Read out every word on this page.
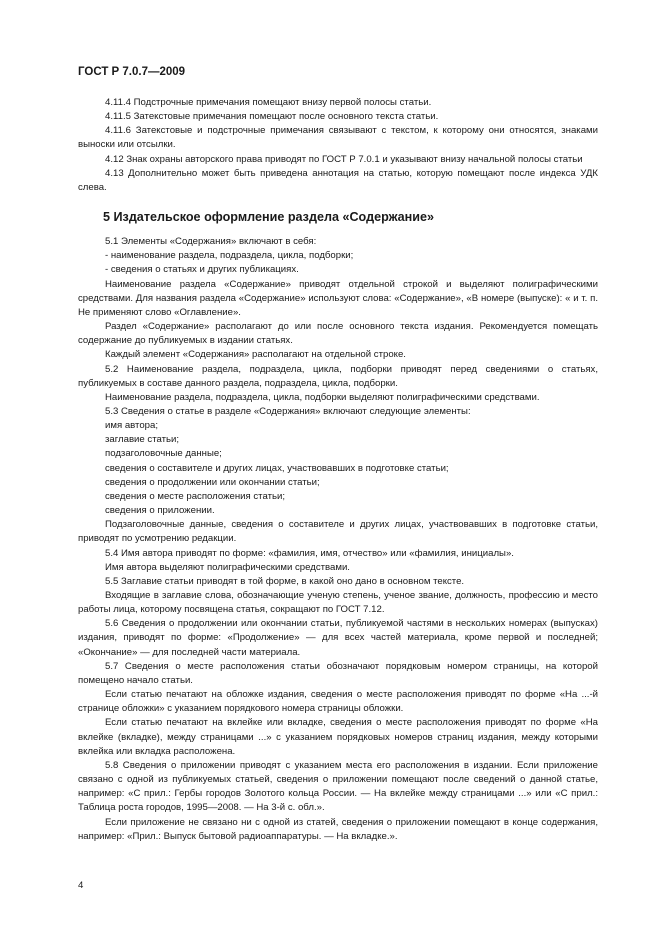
ГОСТ Р 7.0.7—2009

4.11.4 Подстрочные примечания помещают внизу первой полосы статьи.

4.11.5 Затекстовые примечания помещают после основного текста статьи.

4.11.6 Затекстовые и подстрочные примечания связывают с текстом, к которому они относятся, знаками выноски или отсылки.

4.12 Знак охраны авторского права приводят по ГОСТ Р 7.0.1 и указывают внизу начальной полосы статьи

4.13 Дополнительно может быть приведена аннотация на статью, которую помещают после индекса УДК слева.

5 Издательское оформление раздела «Содержание»

5.1 Элементы «Содержания» включают в себя:

- наименование раздела, подраздела, цикла, подборки;

- сведения о статьях и других публикациях.

Наименование раздела «Содержание» приводят отдельной строкой и выделяют полиграфическими средствами. Для названия раздела «Содержание» используют слова: «Содержание», «В номере (выпуске): « и т. п. Не применяют слово «Оглавление».

Раздел «Содержание» располагают до или после основного текста издания. Рекомендуется помещать содержание до публикуемых в издании статьях.

Каждый элемент «Содержания» располагают на отдельной строке.

5.2 Наименование раздела, подраздела, цикла, подборки приводят перед сведениями о статьях, публикуемых в составе данного раздела, подраздела, цикла, подборки.

Наименование раздела, подраздела, цикла, подборки выделяют полиграфическими средствами.

5.3 Сведения о статье в разделе «Содержания» включают следующие элементы:

имя автора;

заглавие статьи;

подзаголовочные данные;

сведения о составителе и других лицах, участвовавших в подготовке статьи;

сведения о продолжении или окончании статьи;

сведения о месте расположения статьи;

сведения о приложении.

Подзаголовочные данные, сведения о составителе и других лицах, участвовавших в подготовке статьи, приводят по усмотрению редакции.

5.4 Имя автора приводят по форме: «фамилия, имя, отчество» или «фамилия, инициалы».

Имя автора выделяют полиграфическими средствами.

5.5 Заглавие статьи приводят в той форме, в какой оно дано в основном тексте.

Входящие в заглавие слова, обозначающие ученую степень, ученое звание, должность, профессию и место работы лица, которому посвящена статья, сокращают по ГОСТ 7.12.

5.6 Сведения о продолжении или окончании статьи, публикуемой частями в нескольких номерах (выпусках) издания, приводят по форме: «Продолжение» — для всех частей материала, кроме первой и последней; «Окончание» — для последней части материала.

5.7 Сведения о месте расположения статьи обозначают порядковым номером страницы, на которой помещено начало статьи.

Если статью печатают на обложке издания, сведения о месте расположения приводят по форме «На ...-й странице обложки» с указанием порядкового номера страницы обложки.

Если статью печатают на вклейке или вкладке, сведения о месте расположения приводят по форме «На вклейке (вкладке), между страницами ...» с указанием порядковых номеров страниц издания, между которыми вклейка или вкладка расположена.

5.8 Сведения о приложении приводят с указанием места его расположения в издании. Если приложение связано с одной из публикуемых статьей, сведения о приложении помещают после сведений о данной статье, например: «С прил.: Гербы городов Золотого кольца России. — На вклейке между страницами ...» или «С прил.: Таблица роста городов, 1995—2008. — На 3-й с. обл.».

Если приложение не связано ни с одной из статей, сведения о приложении помещают в конце содержания, например: «Прил.: Выпуск бытовой радиоаппаратуры. — На вкладке.».

4
